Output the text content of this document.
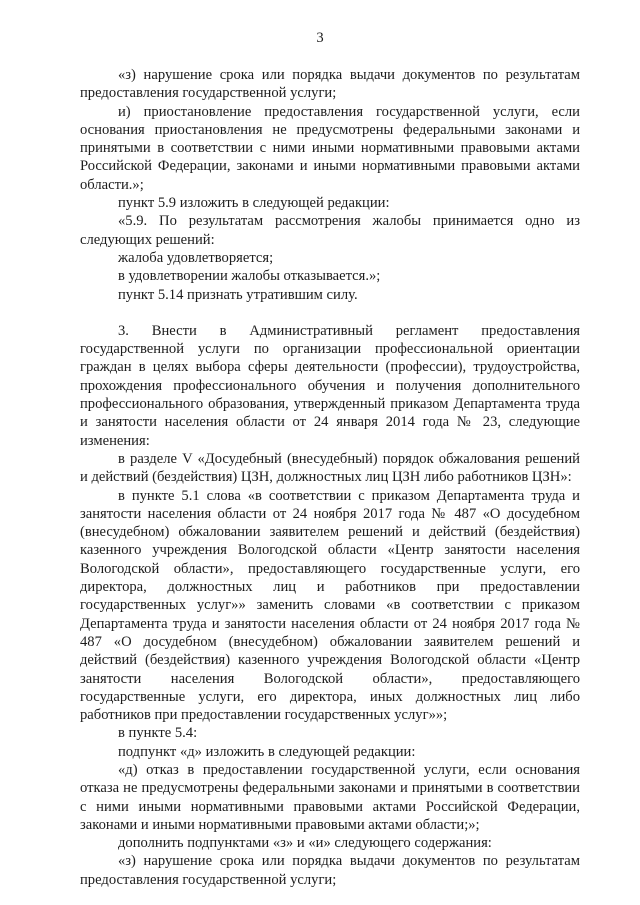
3

«з) нарушение срока или порядка выдачи документов по результатам предоставления государственной услуги;

и) приостановление предоставления государственной услуги, если основания приостановления не предусмотрены федеральными законами и принятыми в соответствии с ними иными нормативными правовыми актами Российской Федерации, законами и иными нормативными правовыми актами области.»;

пункт 5.9 изложить в следующей редакции:

«5.9. По результатам рассмотрения жалобы принимается одно из следующих решений:

жалоба удовлетворяется;

в удовлетворении жалобы отказывается.»;

пункт 5.14 признать утратившим силу.

3. Внести в Административный регламент предоставления государственной услуги по организации профессиональной ориентации граждан в целях выбора сферы деятельности (профессии), трудоустройства, прохождения профессионального обучения и получения дополнительного профессионального образования, утвержденный приказом Департамента труда и занятости населения области от 24 января 2014 года № 23, следующие изменения:

в разделе V «Досудебный (внесудебный) порядок обжалования решений и действий (бездействия) ЦЗН, должностных лиц ЦЗН либо работников ЦЗН»:

в пункте 5.1 слова «в соответствии с приказом Департамента труда и занятости населения области от 24 ноября 2017 года № 487 «О досудебном (внесудебном) обжаловании заявителем решений и действий (бездействия) казенного учреждения Вологодской области «Центр занятости населения Вологодской области», предоставляющего государственные услуги, его директора, должностных лиц и работников при предоставлении государственных услуг»» заменить словами «в соответствии с приказом Департамента труда и занятости населения области от 24 ноября 2017 года № 487 «О досудебном (внесудебном) обжаловании заявителем решений и действий (бездействия) казенного учреждения Вологодской области «Центр занятости населения Вологодской области», предоставляющего государственные услуги, его директора, иных должностных лиц либо работников при предоставлении государственных услуг»»;

в пункте 5.4:

подпункт «д» изложить в следующей редакции:

«д) отказ в предоставлении государственной услуги, если основания отказа не предусмотрены федеральными законами и принятыми в соответствии с ними иными нормативными правовыми актами Российской Федерации, законами и иными нормативными правовыми актами области;»;

дополнить подпунктами «з» и «и» следующего содержания:

«з) нарушение срока или порядка выдачи документов по результатам предоставления государственной услуги;
